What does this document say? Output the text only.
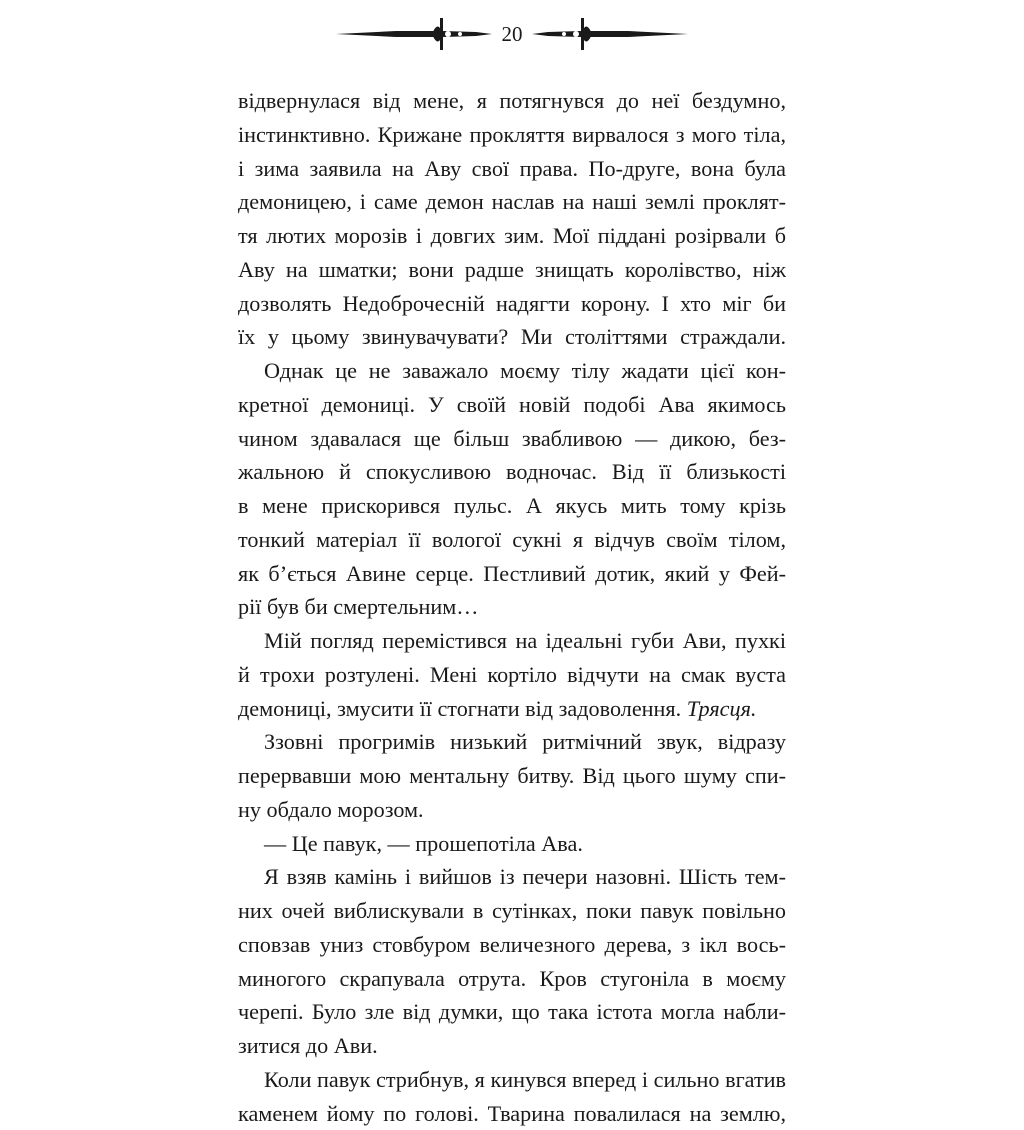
20
відвернулася від мене, я потягнувся до неї бездумно,
інстинктивно. Крижане прокляття вирвалося з мого тіла,
і зима заявила на Аву свої права. По-друге, вона була
демоницею, і саме демон наслав на наші землі проклят-
тя лютих морозів і довгих зим. Мої піддані розірвали б
Аву на шматки; вони радше знищать королівство, ніж
дозволять Недоброчесній надягти корону. І хто міг би
їх у цьому звинувачувати? Ми століттями страждали.
Однак це не заважало моєму тілу жадати цієї кон-
кретної демониці. У своїй новій подобі Ава якимось
чином здавалася ще більш звабливою — дикою, без-
жальною й спокусливою водночас. Від її близькості
в мене прискорився пульс. А якусь мить тому крізь
тонкий матеріал її вологої сукні я відчув своїм тілом,
як б’ється Авине серце. Пестливий дотик, який у Фей-
рії був би смертельним…
Мій погляд перемістився на ідеальні губи Ави, пухкі
й трохи розтулені. Мені кортіло відчути на смак вуста
демониці, змусити її стогнати від задоволення. Трясця.
Ззовні прогримів низький ритмічний звук, відразу
перервавши мою ментальну битву. Від цього шуму спи-
ну обдало морозом.
— Це павук, — прошепотіла Ава.
Я взяв камінь і вийшов із печери назовні. Шість тем-
них очей виблискували в сутінках, поки павук повільно
сповзав униз стовбуром величезного дерева, з ікл вось-
миногого скрапувала отрута. Кров стугоніла в моєму
черепі. Було зле від думки, що така істота могла набли-
зитися до Ави.
Коли павук стрибнув, я кинувся вперед і сильно вгатив
каменем йому по голові. Тварина повалилася на землю,
